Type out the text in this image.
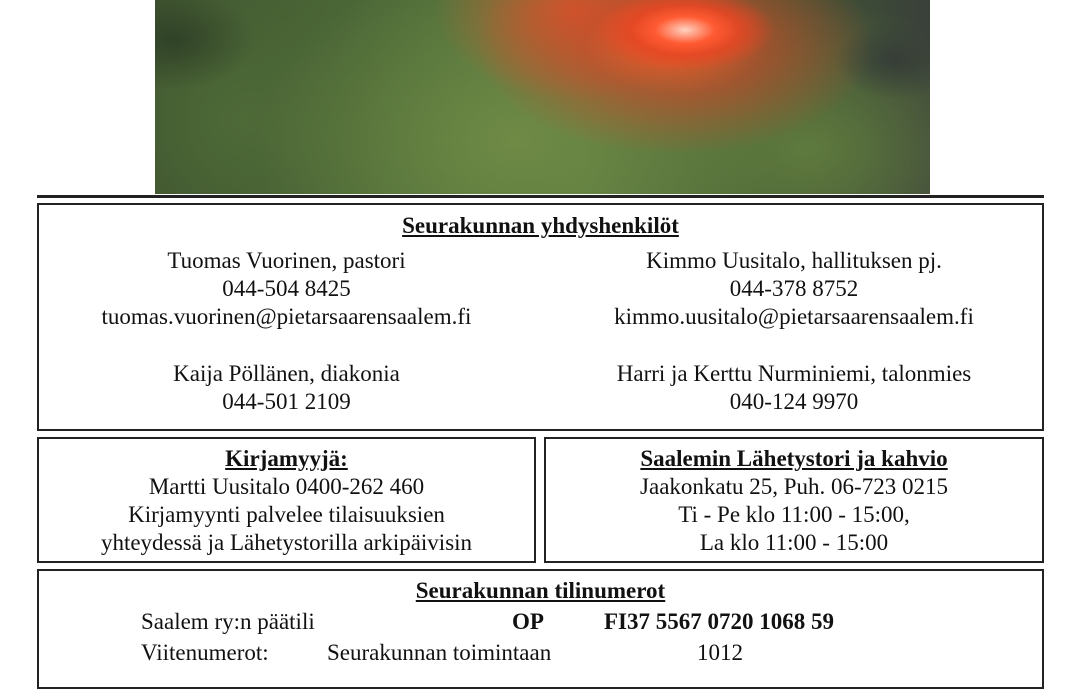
Seurakunnan yhdyshenkilöt
Tuomas Vuorinen, pastori
044-504 8425
tuomas.vuorinen@pietarsaarensaalem.fi
Kaija Pöllänen, diakonia
044-501 2109
Kimmo Uusitalo, hallituksen pj.
044-378 8752
kimmo.uusitalo@pietarsaarensaalem.fi
Harri ja Kerttu Nurminiemi, talonmies
040-124 9970
Kirjamyyjä:
Martti Uusitalo 0400-262 460
Kirjamyynti palvelee tilaisuuksien
yhteydessä ja Lähetystorilla arkipäivisin
Saalemin Lähetystori ja kahvio
Jaakonkatu 25, Puh. 06-723 0215
Ti - Pe klo 11:00 - 15:00,
La klo 11:00 - 15:00
Seurakunnan tilinumerot
Saalem ry:n päätili	OP	FI37 5567 0720 1068 59
Viitenumerot:	Seurakunnan toimintaan	1012
